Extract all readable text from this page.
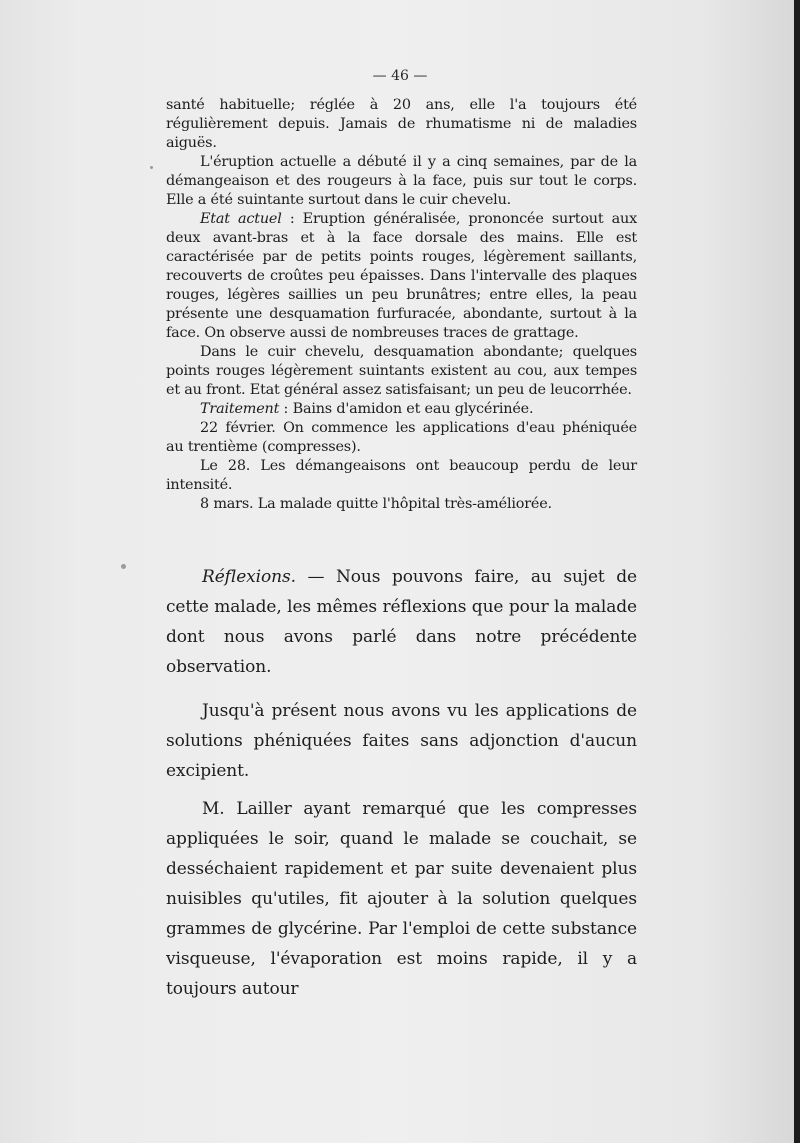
— 46 —

santé habituelle; réglée à 20 ans, elle l'a toujours été régulièrement depuis. Jamais de rhumatisme ni de maladies aiguës.

L'éruption actuelle a débuté il y a cinq semaines, par de la démangeaison et des rougeurs à la face, puis sur tout le corps. Elle a été suintante surtout dans le cuir chevelu.

Etat actuel : Eruption généralisée, prononcée surtout aux deux avant-bras et à la face dorsale des mains. Elle est caractérisée par de petits points rouges, légèrement saillants, recouverts de croûtes peu épaisses. Dans l'intervalle des plaques rouges, légères saillies un peu brunâtres; entre elles, la peau présente une desquamation furfuracée, abondante, surtout à la face. On observe aussi de nombreuses traces de grattage.

Dans le cuir chevelu, desquamation abondante; quelques points rouges légèrement suintants existent au cou, aux tempes et au front. Etat général assez satisfaisant; un peu de leucorrhée.

Traitement : Bains d'amidon et eau glycérinée.

22 février. On commence les applications d'eau phéniquée au trentième (compresses).

Le 28. Les démangeaisons ont beaucoup perdu de leur intensité.

8 mars. La malade quitte l'hôpital très-améliorée.

Réflexions. — Nous pouvons faire, au sujet de cette malade, les mêmes réflexions que pour la malade dont nous avons parlé dans notre précédente observation.

Jusqu'à présent nous avons vu les applications de solutions phéniquées faites sans adjonction d'aucun excipient.

M. Lailler ayant remarqué que les compresses appliquées le soir, quand le malade se couchait, se desséchaient rapidement et par suite devenaient plus nuisibles qu'utiles, fit ajouter à la solution quelques grammes de glycérine. Par l'emploi de cette substance visqueuse, l'évaporation est moins rapide, il y a toujours autour
